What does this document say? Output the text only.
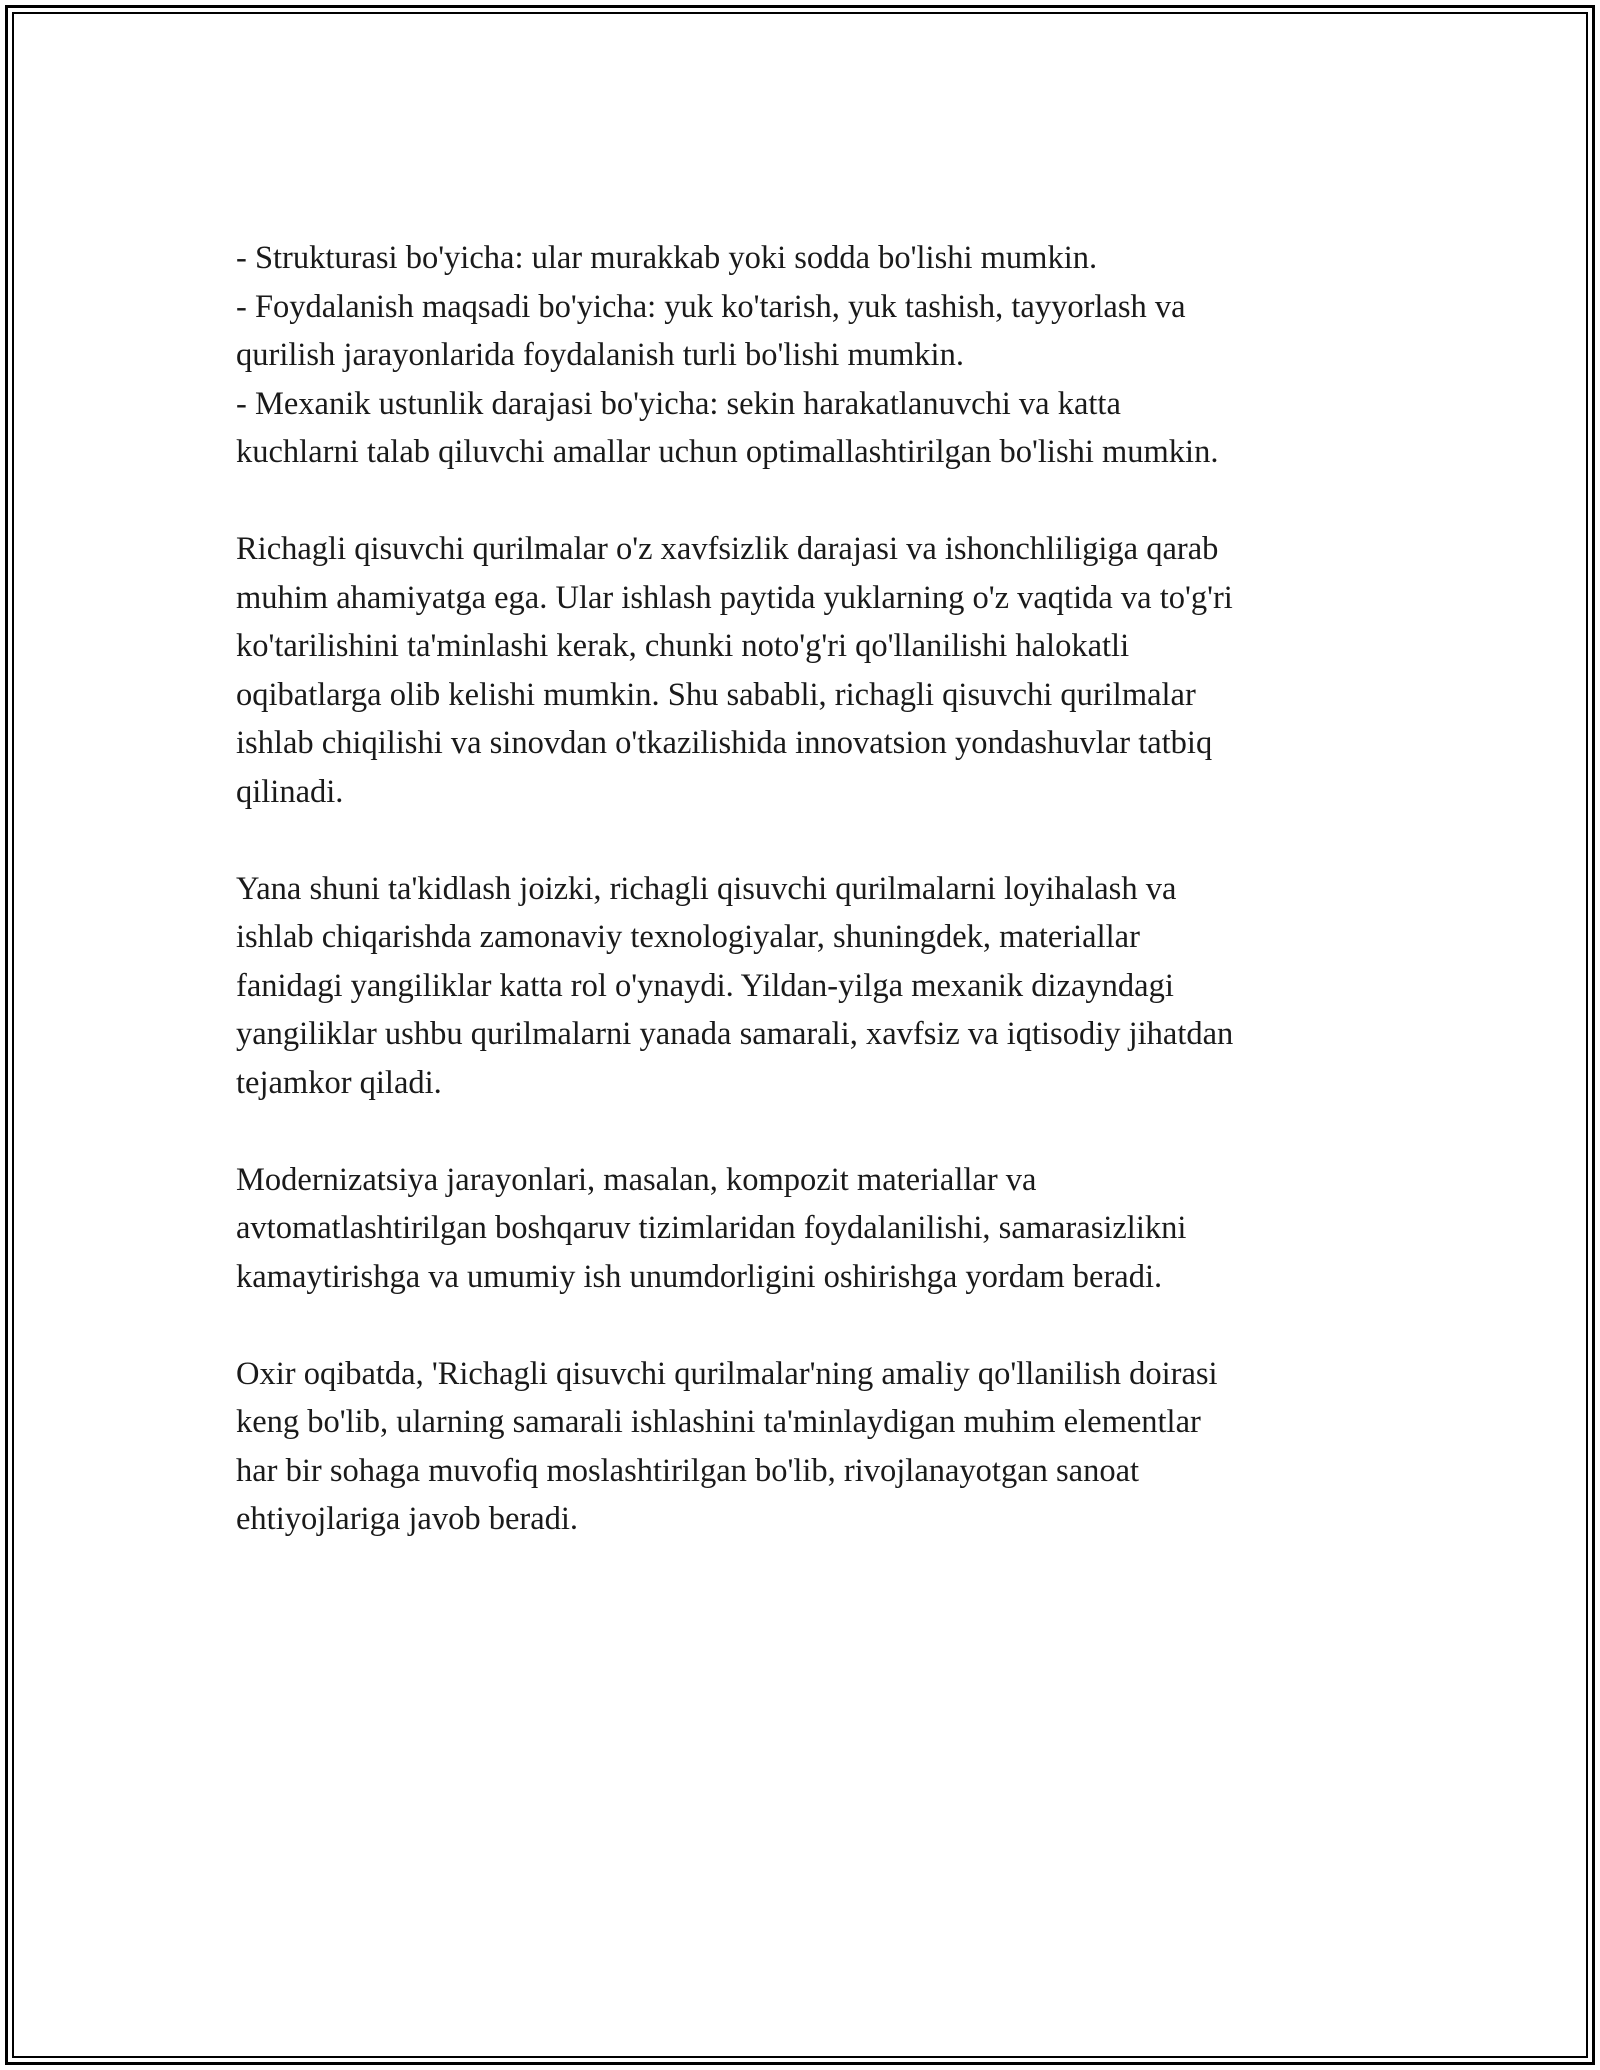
- Strukturasi bo'yicha: ular murakkab yoki sodda bo'lishi mumkin.
- Foydalanish maqsadi bo'yicha: yuk ko'tarish, yuk tashish, tayyorlash va
qurilish jarayonlarida foydalanish turli bo'lishi mumkin.
- Mexanik ustunlik darajasi bo'yicha: sekin harakatlanuvchi va katta
kuchlarni talab qiluvchi amallar uchun optimallashtirilgan bo'lishi mumkin.

Richagli qisuvchi qurilmalar o'z xavfsizlik darajasi va ishonchliligiga qarab
muhim ahamiyatga ega. Ular ishlash paytida yuklarning o'z vaqtida va to'g'ri
ko'tarilishini ta'minlashi kerak, chunki noto'g'ri qo'llanilishi halokatli
oqibatlarga olib kelishi mumkin. Shu sababli, richagli qisuvchi qurilmalar
ishlab chiqilishi va sinovdan o'tkazilishida innovatsion yondashuvlar tatbiq
qilinadi.

Yana shuni ta'kidlash joizki, richagli qisuvchi qurilmalarni loyihalash va
ishlab chiqarishda zamonaviy texnologiyalar, shuningdek, materiallar
fanidagi yangiliklar katta rol o'ynaydi. Yildan-yilga mexanik dizayndagi
yangiliklar ushbu qurilmalarni yanada samarali, xavfsiz va iqtisodiy jihatdan
tejamkor qiladi.

Modernizatsiya jarayonlari, masalan, kompozit materiallar va
avtomatlashtirilgan boshqaruv tizimlaridan foydalanilishi, samarasizlikni
kamaytirishga va umumiy ish unumdorligini oshirishga yordam beradi.

Oxir oqibatda, 'Richagli qisuvchi qurilmalar'ning amaliy qo'llanilish doirasi
keng bo'lib, ularning samarali ishlashini ta'minlaydigan muhim elementlar
har bir sohaga muvofiq moslashtirilgan bo'lib, rivojlanayotgan sanoat
ehtiyojlariga javob beradi.
